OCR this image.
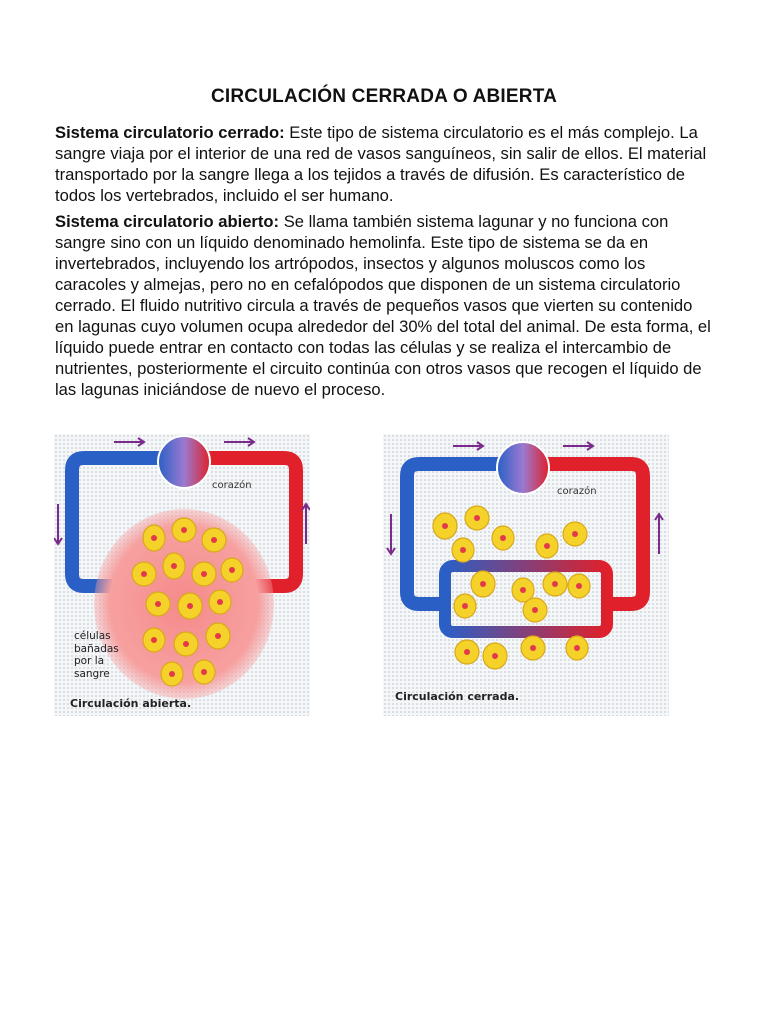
CIRCULACIÓN CERRADA O ABIERTA

Sistema circulatorio cerrado: Este tipo de sistema circulatorio es el más complejo. La sangre viaja por el interior de una red de vasos sanguíneos, sin salir de ellos. El material transportado por la sangre llega a los tejidos a través de difusión. Es característico de todos los vertebrados, incluido el ser humano.

Sistema circulatorio abierto: Se llama también sistema lagunar y no funciona con sangre sino con un líquido denominado hemolinfa. Este tipo de sistema se da en invertebrados, incluyendo los artrópodos, insectos y algunos moluscos como los caracoles y almejas, pero no en cefalópodos que disponen de un sistema circulatorio cerrado. El fluido nutritivo circula a través de pequeños vasos que vierten su contenido en lagunas cuyo volumen ocupa alrededor del 30% del total del animal. De esta forma, el líquido puede entrar en contacto con todas las células y se realiza el intercambio de nutrientes, posteriormente el circuito continúa con otros vasos que recogen el líquido de las lagunas iniciándose de nuevo el proceso.

corazón
células
bañadas
por la
sangre
Circulación abierta.
corazón
Circulación cerrada.
